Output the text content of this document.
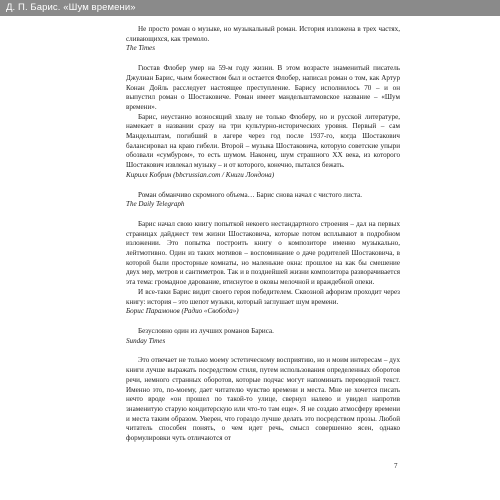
Д. П. Барис. «Шум времени»

Не просто роман о музыке, но музыкальный роман. История изложена в трех частях, сливающихся, как тремолo.

The Times

Гюстав Флобер умер на 59-м году жизни. В этом возрасте знаменитый писатель Джулиан Барис, чьим божеством был и остается Флобер, написал роман о том, как Артур Конан Дойль расследует настоящее преступление. Барису исполнилось 70 – и он выпустил роман о Шостаковиче. Роман имеет мандельштамовское название – «Шум времени».

Барис, неустанно возносящий хвалу не только Флоберу, но и русской литературе, намекает в названии сразу на три культурно-исторических уровня. Первый – сам Мандельштам, погибший в лагере через год после 1937-го, когда Шостакович балансировал на краю гибели. Второй – музыка Шостаковича, которую советские упыри обозвали «сумбуром», то есть шумом. Наконец, шум страшного XX века, из которого Шостакович извлекал музыку – и от которого, конечно, пытался бежать.

Кирилл Кобрин (bbcrussian.com / Книги Лондона)

Роман обманчиво скромного объема… Барис снова начал с чистого листа.

The Daily Telegraph

Барис начал свою книгу попыткой некоего нестандартного строения – дал на первых страницах дайджест тем жизни Шостаковича, которые потом всплывают в подробном изложении. Это попытка построить книгу о композиторе именно музыкально, лейтмотивно. Один из таких мотивов – воспоминание о даче родителей Шостаковича, в которой были просторные комнаты, но маленькие окна: прошлое на как бы смешение двух мер, метров и сантиметров. Так и в позднейшей жизни композитора разворачивается эта тема: громадное дарование, втиснутое в оковы мелочной и враждебной опеки.

И все-таки Барис видит своего героя победителем. Сквозной афоризм проходит через книгу: история – это шепот музыки, который заглушает шум времени.

Борис Парамонов (Радио «Свобода»)

Безусловно один из лучших романов Бариса.

Sunday Times

Это отвечает не только моему эстетическому восприятию, но и моим интересам – дух книги лучше выражать посредством стиля, путем использования определенных оборотов речи, немного странных оборотов, которые подчас могут напоминать переводной текст. Именно это, по-моему, дает читателю чувство времени и места. Мне не хочется писать нечто вроде «он прошел по такой-то улице, свернул налево и увидел напротив знаменитую старую кондитерскую или что-то там еще». Я не создаю атмосферу времени и места таким образом. Уверен, что гораздо лучше делать это посредством прозы. Любой читатель способен понять, о чем идет речь, смысл совершенно ясен, однако формулировки чуть отличаются от

7
